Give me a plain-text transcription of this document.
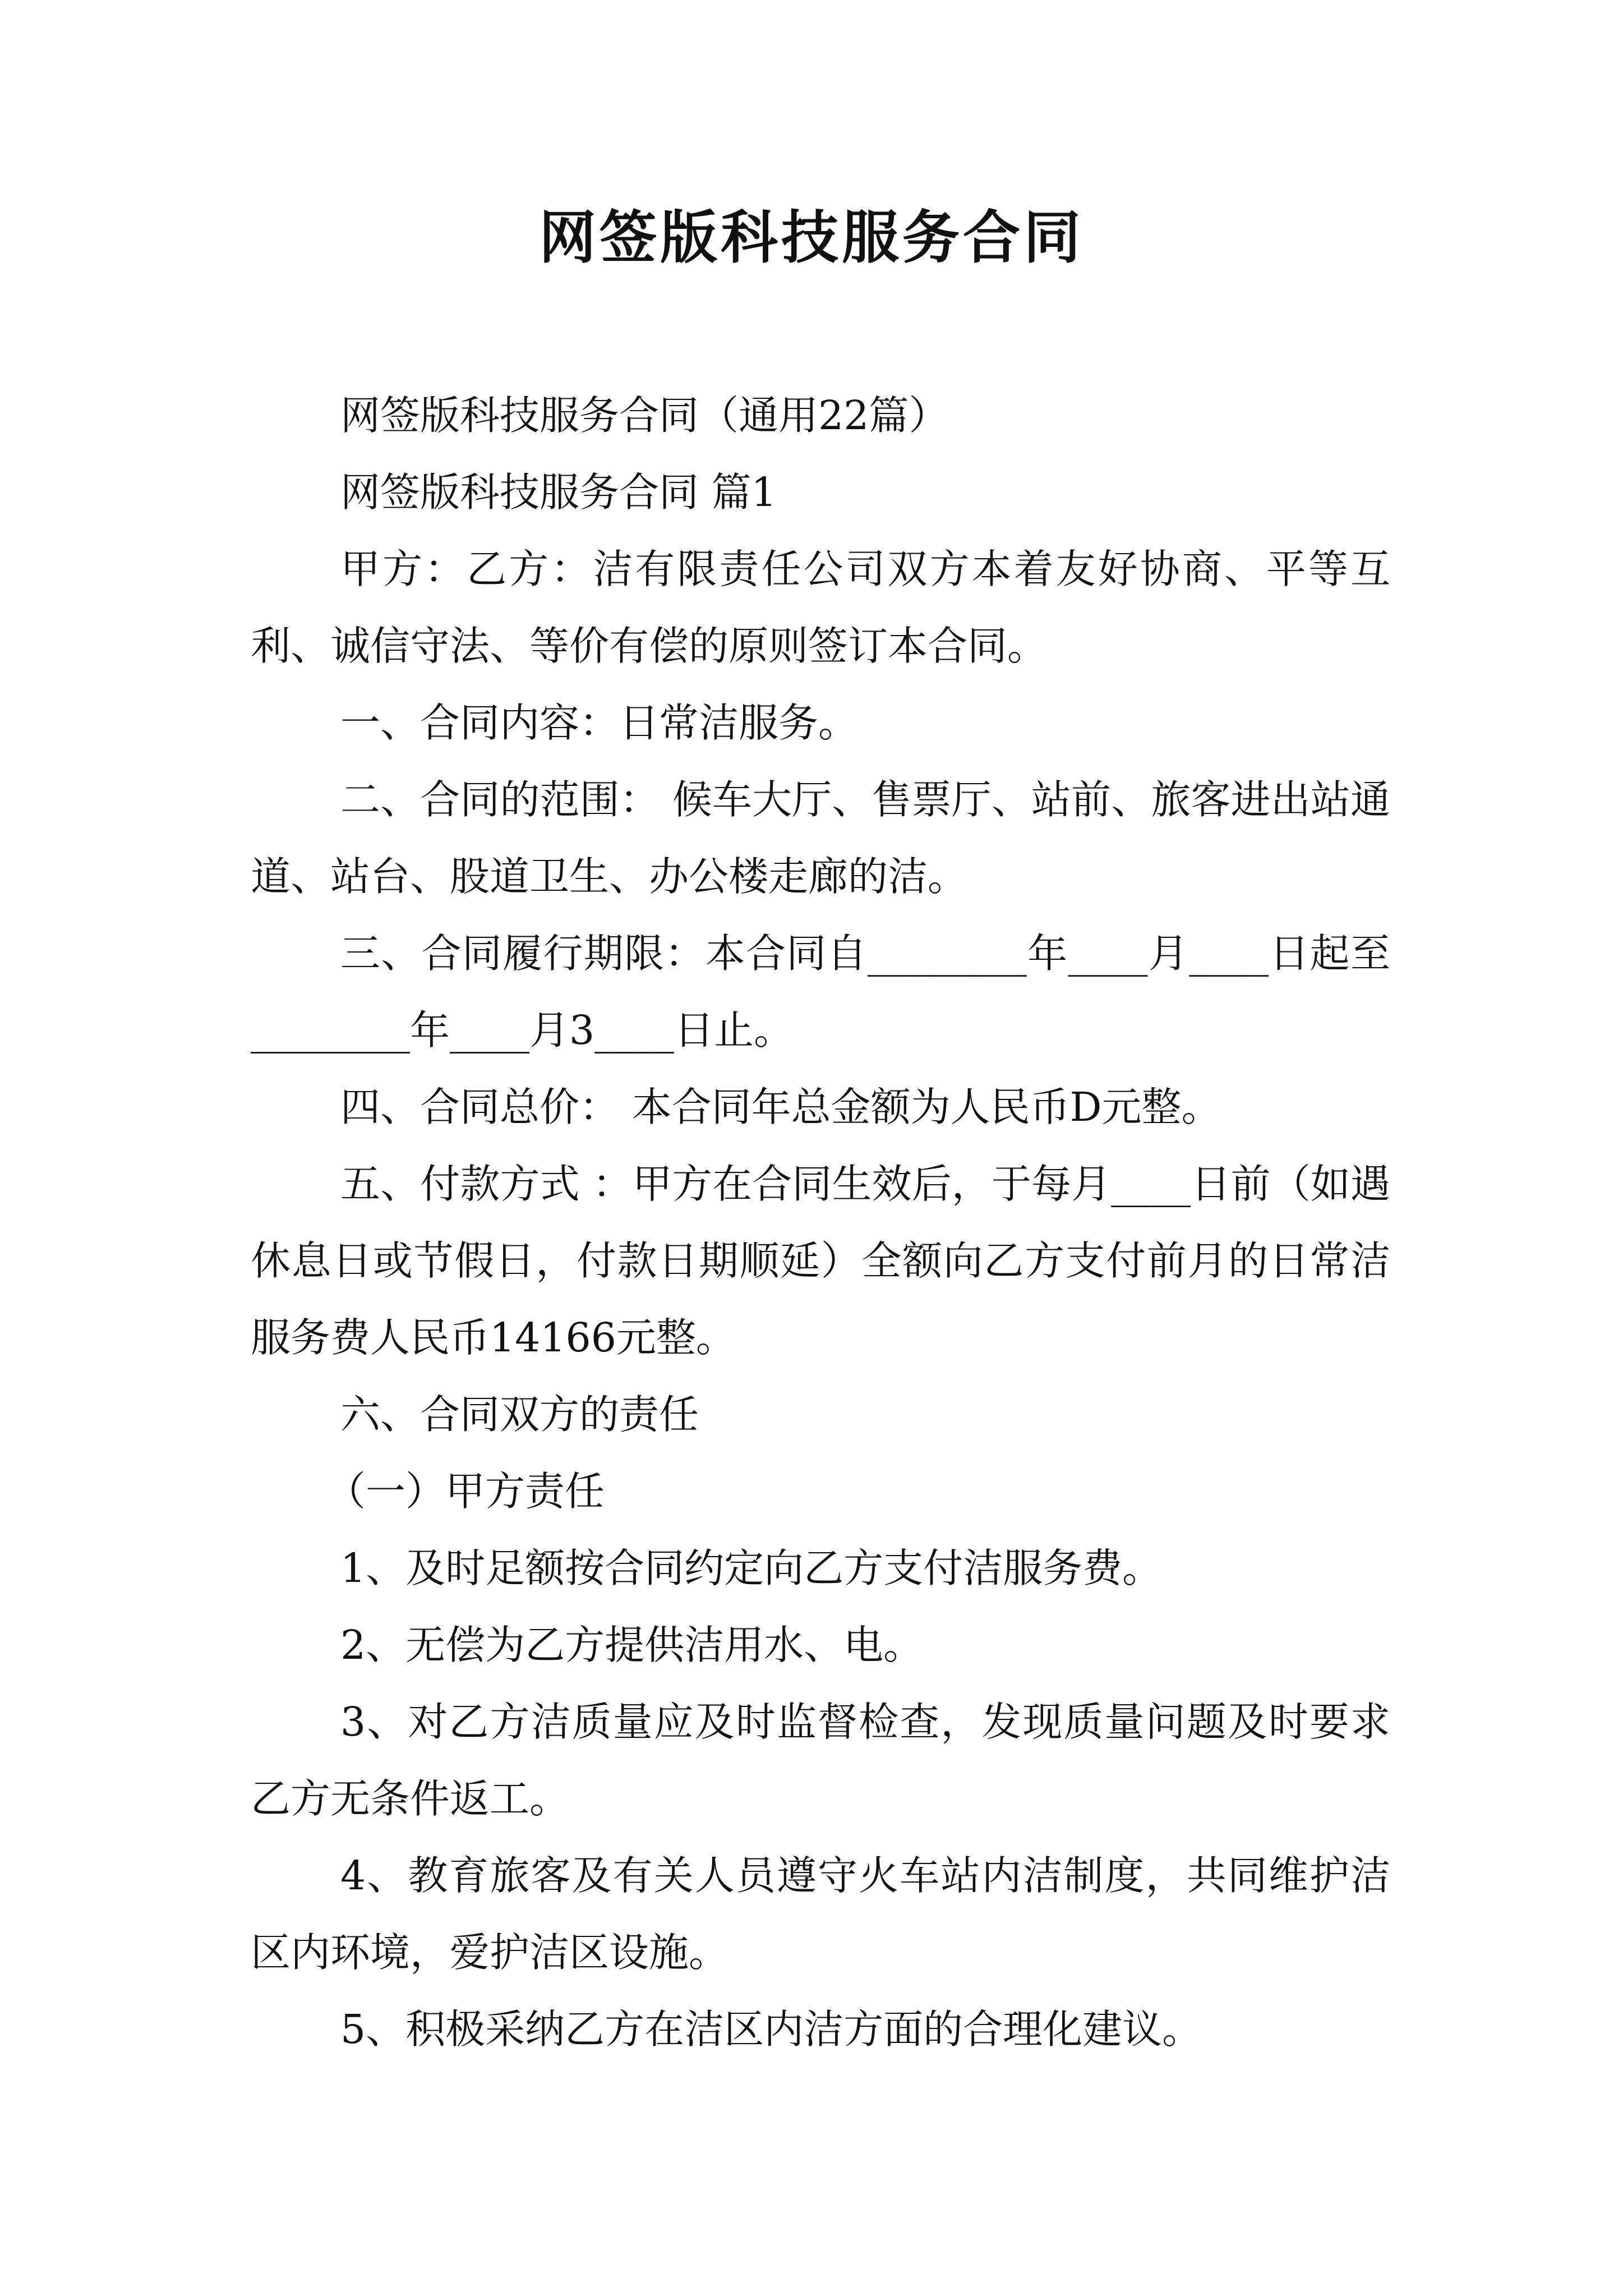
网签版科技服务合同

网签版科技服务合同（通用22篇）

网签版科技服务合同 篇1

甲方：乙方：洁有限责任公司双方本着友好协商、平等互利、诚信守法、等价有偿的原则签订本合同。

一、合同内容：日常洁服务。

二、合同的范围： 候车大厅、售票厅、站前、旅客进出站通道、站台、股道卫生、办公楼走廊的洁。

三、合同履行期限：本合同自________年____月____日起至 ________年____月3____日止。

四、合同总价： 本合同年总金额为人民币D元整。

五、付款方式 ：甲方在合同生效后，于每月____日前（如遇休息日或节假日，付款日期顺延）全额向乙方支付前月的日常洁服务费人民币14166元整。

六、合同双方的责任

（一）甲方责任

1、及时足额按合同约定向乙方支付洁服务费。

2、无偿为乙方提供洁用水、电。

3、对乙方洁质量应及时监督检查，发现质量问题及时要求乙方无条件返工。

4、教育旅客及有关人员遵守火车站内洁制度，共同维护洁区内环境，爱护洁区设施。

5、积极采纳乙方在洁区内洁方面的合理化建议。
